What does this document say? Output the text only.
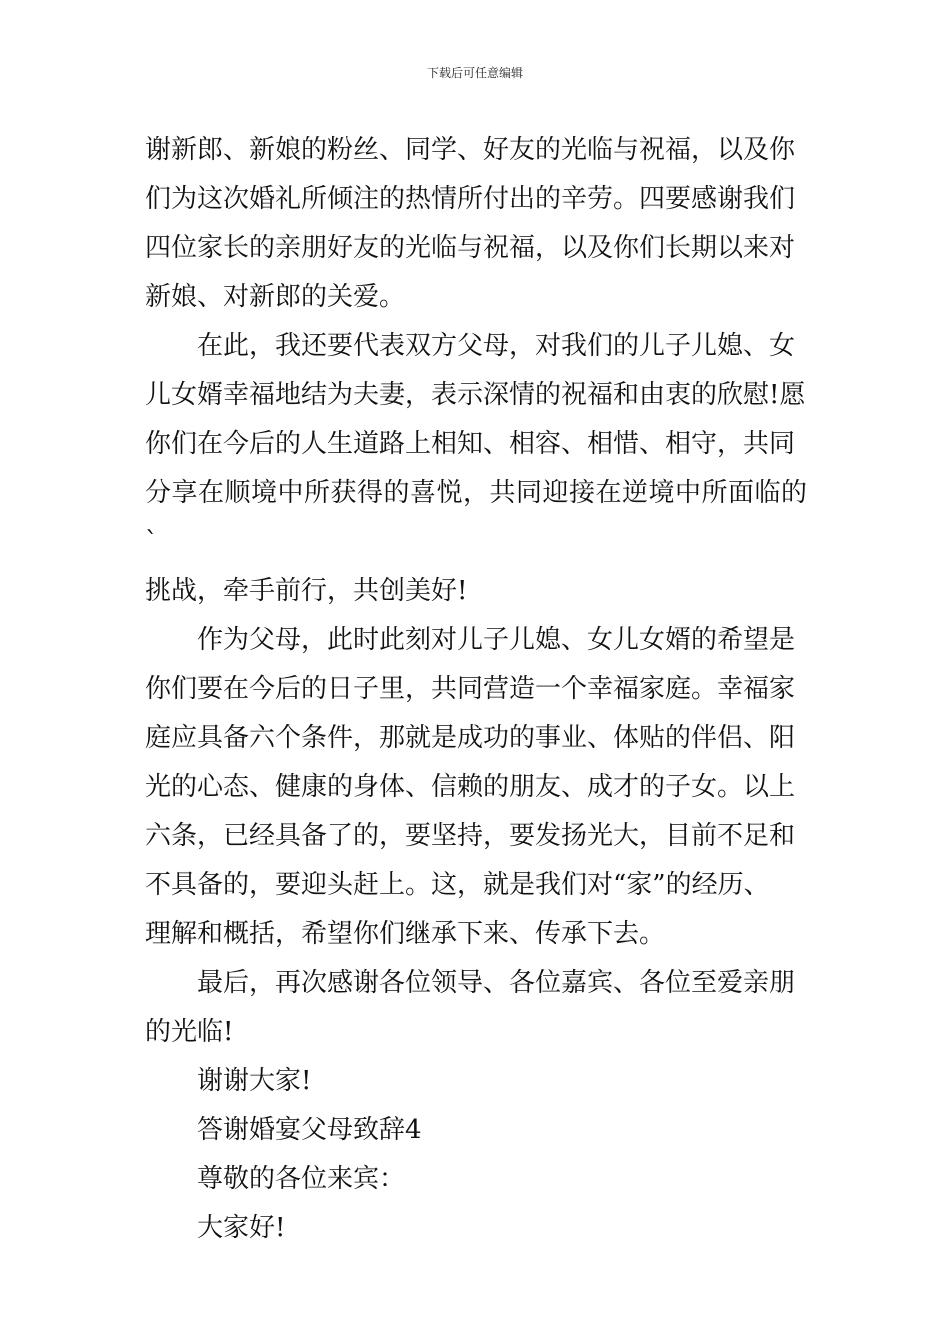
下载后可任意编辑

谢新郎、新娘的粉丝、同学、好友的光临与祝福，以及你
们为这次婚礼所倾注的热情所付出的辛劳。四要感谢我们
四位家长的亲朋好友的光临与祝福，以及你们长期以来对
新娘、对新郎的关爱。

在此，我还要代表双方父母，对我们的儿子儿媳、女
儿女婿幸福地结为夫妻，表示深情的祝福和由衷的欣慰!愿
你们在今后的人生道路上相知、相容、相惜、相守，共同
分享在顺境中所获得的喜悦，共同迎接在逆境中所面临的`
挑战，牵手前行，共创美好!

作为父母，此时此刻对儿子儿媳、女儿女婿的希望是
你们要在今后的日子里，共同营造一个幸福家庭。幸福家
庭应具备六个条件，那就是成功的事业、体贴的伴侣、阳
光的心态、健康的身体、信赖的朋友、成才的子女。以上
六条，已经具备了的，要坚持，要发扬光大，目前不足和
不具备的，要迎头赶上。这，就是我们对“家”的经历、
理解和概括，希望你们继承下来、传承下去。

最后，再次感谢各位领导、各位嘉宾、各位至爱亲朋
的光临!

谢谢大家!

答谢婚宴父母致辞4

尊敬的各位来宾：

大家好!
